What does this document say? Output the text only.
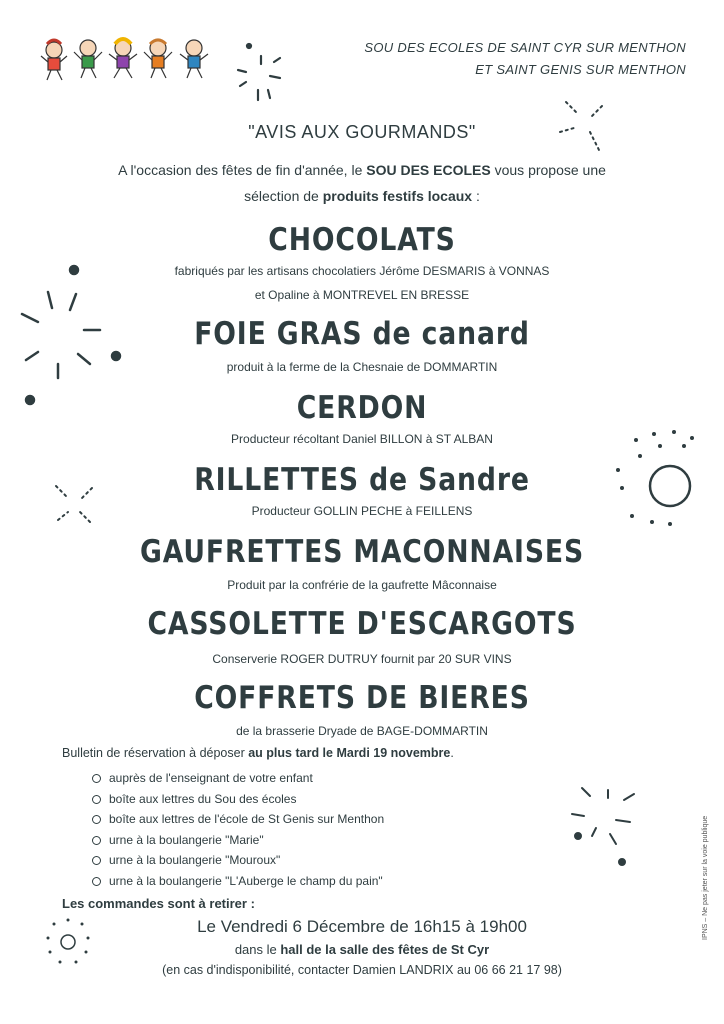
SOU DES ECOLES DE SAINT CYR SUR MENTHON
ET SAINT GENIS SUR MENTHON
"AVIS AUX GOURMANDS"
A l'occasion des fêtes de fin d'année, le SOU DES ECOLES vous propose une
sélection de produits festifs locaux :
CHOCOLATS
fabriqués par les artisans chocolatiers Jérôme DESMARIS à VONNAS
et Opaline à MONTREVEL EN BRESSE
FOIE GRAS de canard
produit à la ferme de la Chesnaie de DOMMARTIN
CERDON
Producteur récoltant Daniel BILLON à ST ALBAN
RILLETTES de Sandre
Producteur GOLLIN PECHE à FEILLENS
GAUFRETTES MACONNAISES
Produit par la confrérie de la gaufrette Mâconnaise
CASSOLETTE D'ESCARGOTS
Conserverie ROGER DUTRUY fournit par 20 SUR VINS
COFFRETS DE BIERES
de la brasserie Dryade de BAGE-DOMMARTIN
Bulletin de réservation à déposer au plus tard le Mardi 19 novembre.
auprès de l'enseignant de votre enfant
boîte aux lettres du Sou des écoles
boîte aux lettres de l'école de St Genis sur Menthon
urne à la boulangerie "Marie"
urne à la boulangerie "Mouroux"
urne à la boulangerie "L'Auberge le champ du pain"
Les commandes sont à retirer :
Le Vendredi 6 Décembre de 16h15 à 19h00
dans le hall de la salle des fêtes de St Cyr
(en cas d'indisponibilité, contacter Damien LANDRIX au 06 66 21 17 98)
IPNS – Ne pas jeter sur la voie publique
